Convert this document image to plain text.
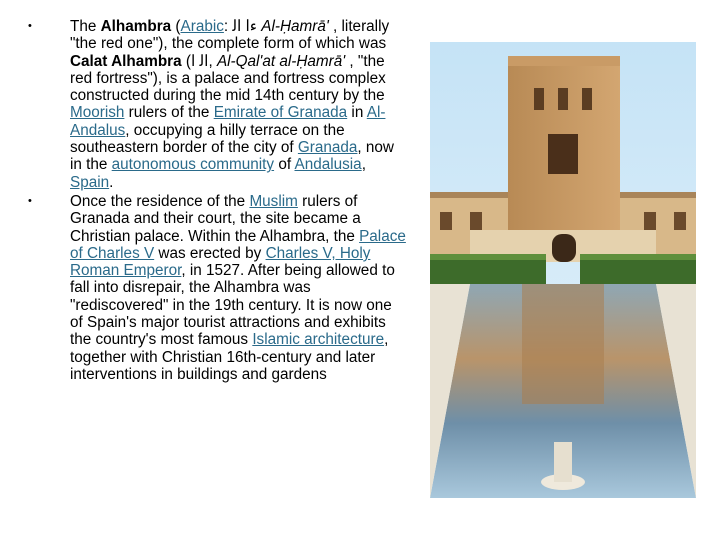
• The Alhambra (Arabic: ءﺍ ﺍﻟ Al-Ḥamrā' , literally "the red one"), the complete form of which was Calat Alhambra (ﺍﻟ ﺍ, Al-Qal'at al-Ḥamrā' , "the red fortress"), is a palace and fortress complex constructed during the mid 14th century by the Moorish rulers of the Emirate of Granada in Al-Andalus, occupying a hilly terrace on the southeastern border of the city of Granada, now in the autonomous community of Andalusia, Spain.
• Once the residence of the Muslim rulers of Granada and their court, the site became a Christian palace. Within the Alhambra, the Palace of Charles V was erected by Charles V, Holy Roman Emperor, in 1527. After being allowed to fall into disrepair, the Alhambra was "rediscovered" in the 19th century. It is now one of Spain's major tourist attractions and exhibits the country's most famous Islamic architecture, together with Christian 16th-century and later interventions in buildings and gardens
